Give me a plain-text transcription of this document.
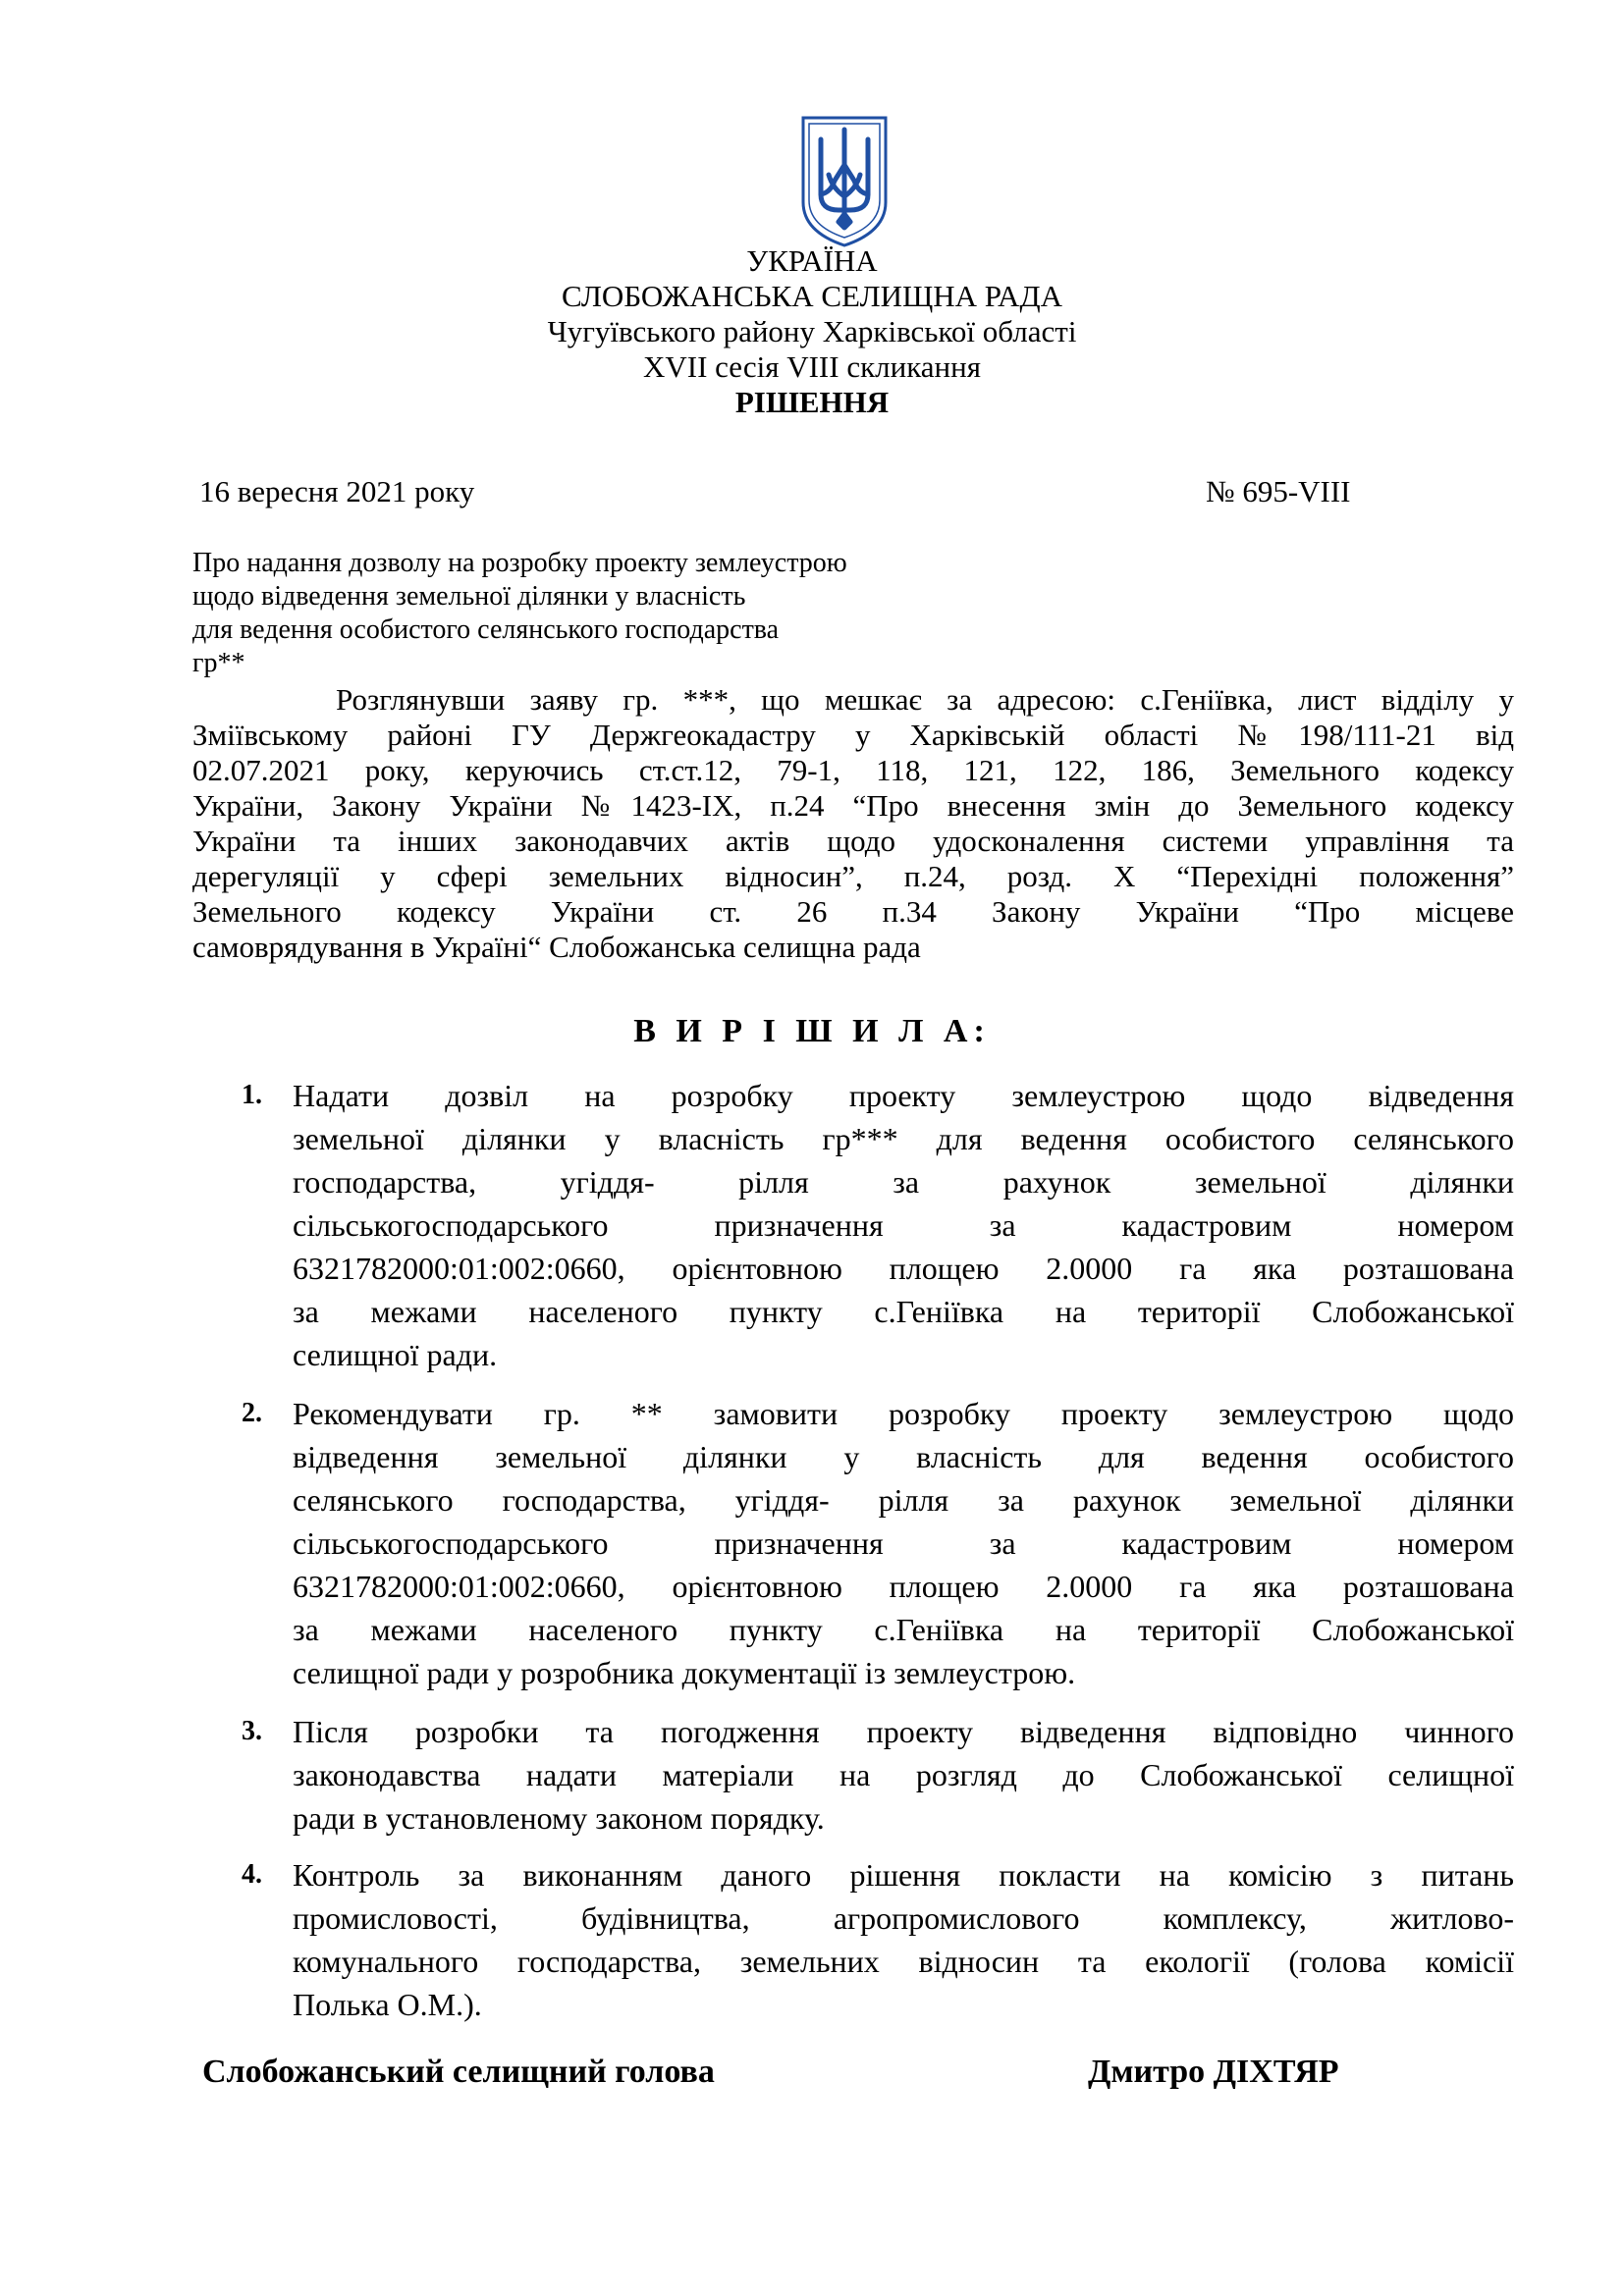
УКРАЇНА
СЛОБОЖАНСЬКА СЕЛИЩНА РАДА
Чугуївського району Харківської області
XVII сесія VIII скликання
РІШЕННЯ
16 вересня 2021 року	№ 695-VIII
Про надання дозволу на розробку проекту землеустрою
щодо відведення земельної ділянки у власність
для ведення особистого селянського господарства
гр**
Розглянувши заяву гр. ***, що мешкає за адресою: с.Геніївка, лист відділу у
Зміївському районі ГУ Держгеокадастру у Харківській області №198/111-21 від
02.07.2021 року, керуючись ст.ст.12, 79-1, 118, 121, 122, 186, Земельного кодексу
України, Закону України №1423-IX, п.24 “Про внесення змін до Земельного кодексу
України та інших законодавчих актів щодо удосконалення системи управління та
дерегуляції у сфері земельних відносин”, п.24, розд. Х “Перехідні положення”
Земельного кодексу України ст. 26 п.34 Закону України “Про місцеве
самоврядування в Україні“ Слобожанська селищна рада
В И Р І Ш И Л А:
1. Надати дозвіл на розробку проекту землеустрою щодо відведення
земельної ділянки у власність гр*** для ведення особистого селянського
господарства, угіддя- рілля за рахунок земельної ділянки
сільськогосподарського призначення за кадастровим номером
6321782000:01:002:0660, орієнтовною площею 2.0000 га яка розташована
за межами населеного пункту с.Геніївка на території Слобожанської
селищної ради.
2. Рекомендувати гр. ** замовити розробку проекту землеустрою щодо
відведення земельної ділянки у власність для ведення особистого
селянського господарства, угіддя- рілля за рахунок земельної ділянки
сільськогосподарського призначення за кадастровим номером
6321782000:01:002:0660, орієнтовною площею 2.0000 га яка розташована
за межами населеного пункту с.Геніївка на території Слобожанської
селищної ради у розробника документації із землеустрою.
3. Після розробки та погодження проекту відведення відповідно чинного
законодавства надати матеріали на розгляд до Слобожанської селищної
ради в установленому законом порядку.
4. Контроль за виконанням даного рішення покласти на комісію з питань
промисловості, будівництва, агропромислового комплексу, житлово-
комунального господарства, земельних відносин та екології (голова комісії
Полька О.М.).
Слобожанський селищний голова	Дмитро ДІХТЯР
